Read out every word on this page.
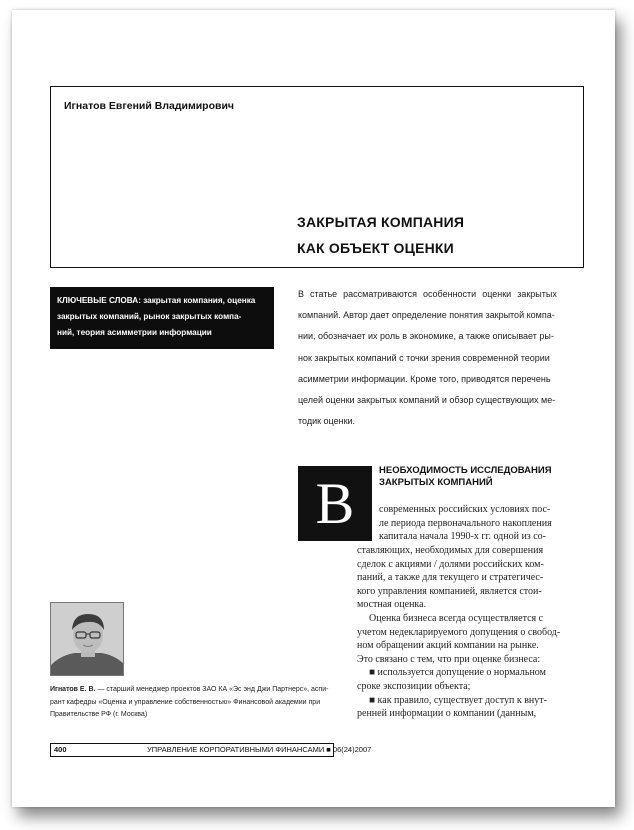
Игнатов Евгений Владимирович
ЗАКРЫТАЯ КОМПАНИЯ
КАК ОБЪЕКТ ОЦЕНКИ
КЛЮЧЕВЫЕ СЛОВА: закрытая компания, оценка
закрытых компаний, рынок закрытых компа-
ний, теория асимметрии информации
В статье рассматриваются особенности оценки закрытых
компаний. Автор дает определение понятия закрытой компа-
нии, обозначает их роль в экономике, а также описывает ры-
нок закрытых компаний с точки зрения современной теории
асимметрии информации. Кроме того, приводятся перечень
целей оценки закрытых компаний и обзор существующих ме-
тодик оценки.
В
НЕОБХОДИМОСТЬ ИССЛЕДОВАНИЯ
ЗАКРЫТЫХ КОМПАНИЙ
современных российских условиях пос-
ле периода первоначального накопления
капитала начала 1990-х гг. одной из со-
ставляющих, необходимых для совершения
сделок с акциями / долями российских ком-
паний, а также для текущего и стратегичес-
кого управления компанией, является стои-
мостная оценка.
Оценка бизнеса всегда осуществляется с
учетом недекларируемого допущения о свобод-
ном обращении акций компании на рынке.
Это связано с тем, что при оценке бизнеса:
■ используется допущение о нормальном
сроке экспозиции объекта;
■ как правило, существует доступ к внут-
ренней информации о компании (данным,
Игнатов Е. В. — старший менеджер проектов ЗАО КА «Эс энд Джи Партнерс», аспи-
рант кафедры «Оценка и управление собственностью» Финансовой академии при
Правительстве РФ (г. Москва)
400	УПРАВЛЕНИЕ КОРПОРАТИВНЫМИ ФИНАНСАМИ ■ 06(24)2007
